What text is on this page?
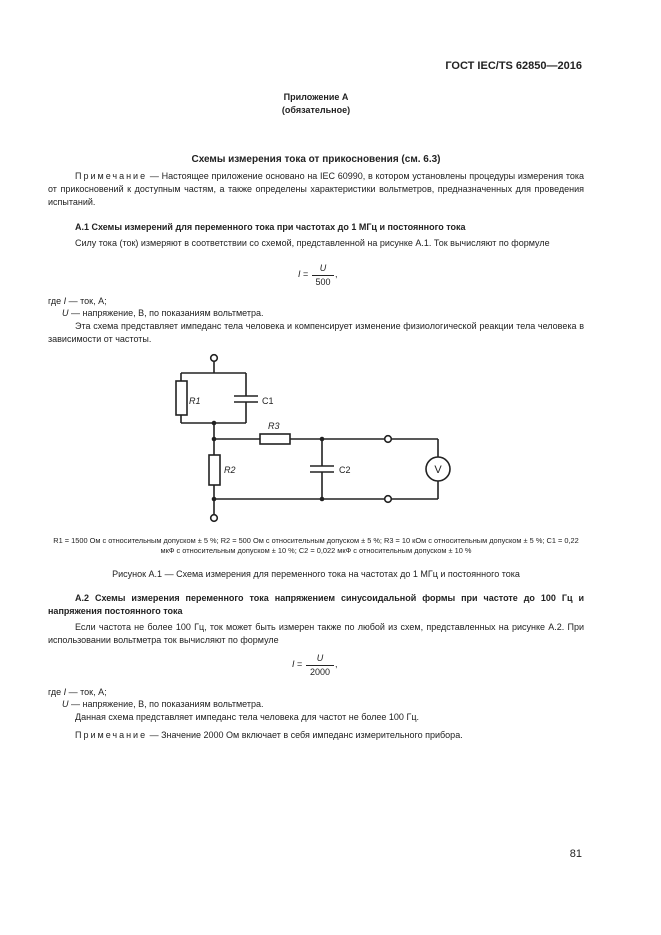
ГОСТ IEC/TS 62850—2016
Приложение А
(обязательное)
Схемы измерения тока от прикосновения (см. 6.3)
Примечание — Настоящее приложение основано на IEC 60990, в котором установлены процедуры измерения тока от прикосновений к доступным частям, а также определены характеристики вольтметров, предназначенных для проведения испытаний.
А.1 Схемы измерений для переменного тока при частотах до 1 МГц и постоянного тока
Силу тока (ток) измеряют в соответствии со схемой, представленной на рисунке А.1. Ток вычисляют по формуле
$I = \frac{U}{500}$ ,
где I — ток, А;
U — напряжение, В, по показаниям вольтметра.
Эта схема представляет импеданс тела человека и компенсирует изменение физиологической реакции тела человека в зависимости от частоты.
R1	C1
R3
R2	C2	V
R1 = 1500 Ом с относительным допуском ± 5 %; R2 = 500 Ом с относительным допуском ± 5 %; R3 = 10 кОм с относительным допуском ± 5 %; C1 = 0,22 мкФ с относительным допуском ± 10 %; C2 = 0,022 мкФ с относительным допуском ± 10 %
Рисунок А.1 — Схема измерения для переменного тока на частотах до 1 МГц и постоянного тока
А.2 Схемы измерения переменного тока напряжением синусоидальной формы при частоте до 100 Гц и напряжения постоянного тока
Если частота не более 100 Гц, ток может быть измерен также по любой из схем, представленных на рисунке А.2. При использовании вольтметра ток вычисляют по формуле
$I = \frac{U}{2000}$ ,
где I — ток, А;
U — напряжение, В, по показаниям вольтметра.
Данная схема представляет импеданс тела человека для частот не более 100 Гц.
Примечание — Значение 2000 Ом включает в себя импеданс измерительного прибора.
81
